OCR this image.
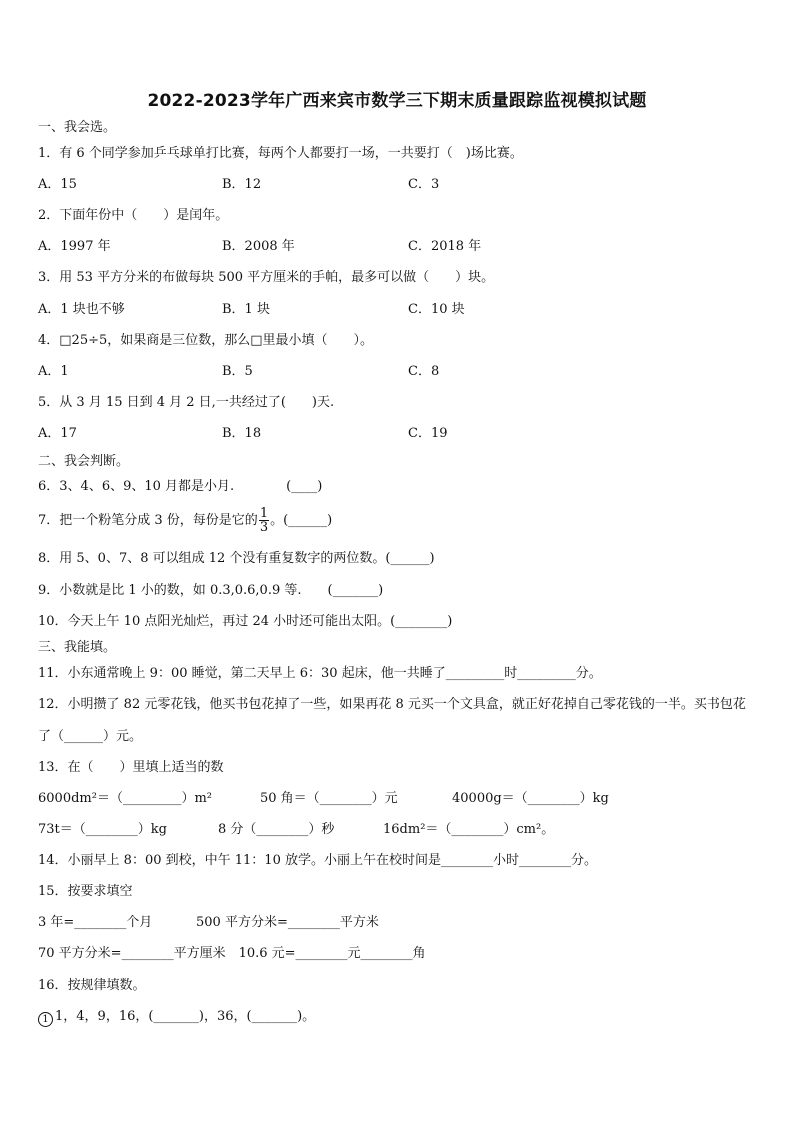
2022-2023学年广西来宾市数学三下期末质量跟踪监视模拟试题
一、我会选。
1．有 6 个同学参加乒乓球单打比赛，每两个人都要打一场，一共要打（　)场比赛。
A．15	B．12	C．3
2．下面年份中（　　）是闰年。
A．1997 年	B．2008 年	C．2018 年
3．用 53 平方分米的布做每块 500 平方厘米的手帕，最多可以做（　　）块。
A．1 块也不够	B．1 块	C．10 块
4．□25÷5，如果商是三位数，那么□里最小填（　　）。
A．1	B．5	C．8
5．从 3 月 15 日到 4 月 2 日,一共经过了(　　)天.
A．17	B．18	C．19
二、我会判断。
6．3、4、6、9、10 月都是小月.　　　　(____)
7．把一个粉笔分成 3 份，每份是它的 $\frac{1}{3}$ 。(______)
8．用 5、0、7、8 可以组成 12 个没有重复数字的两位数。(______)
9．小数就是比 1 小的数，如 0.3,0.6,0.9 等.　　(_______)
10．今天上午 10 点阳光灿烂，再过 24 小时还可能出太阳。(________)
三、我能填。
11．小东通常晚上 9：00 睡觉，第二天早上 6：30 起床，他一共睡了_________时_________分。
12．小明攒了 82 元零花钱，他买书包花掉了一些，如果再花 8 元买一个文具盒，就正好花掉自己零花钱的一半。买书包花了（______）元。
13．在（　　）里填上适当的数
6000dm²＝（_________）m²	50 角＝（________）元	40000g＝（________）kg
73t＝（________）kg	8 分（________）秒	16dm²＝（________）cm²。
14．小丽早上 8：00 到校，中午 11：10 放学。小丽上午在校时间是________小时________分。
15．按要求填空
3 年=________个月	500 平方分米=________平方米
70 平方分米=________平方厘米　10.6 元=________元________角
16．按规律填数。
1 1，4，9，16，(_______)，36，(_______)。
